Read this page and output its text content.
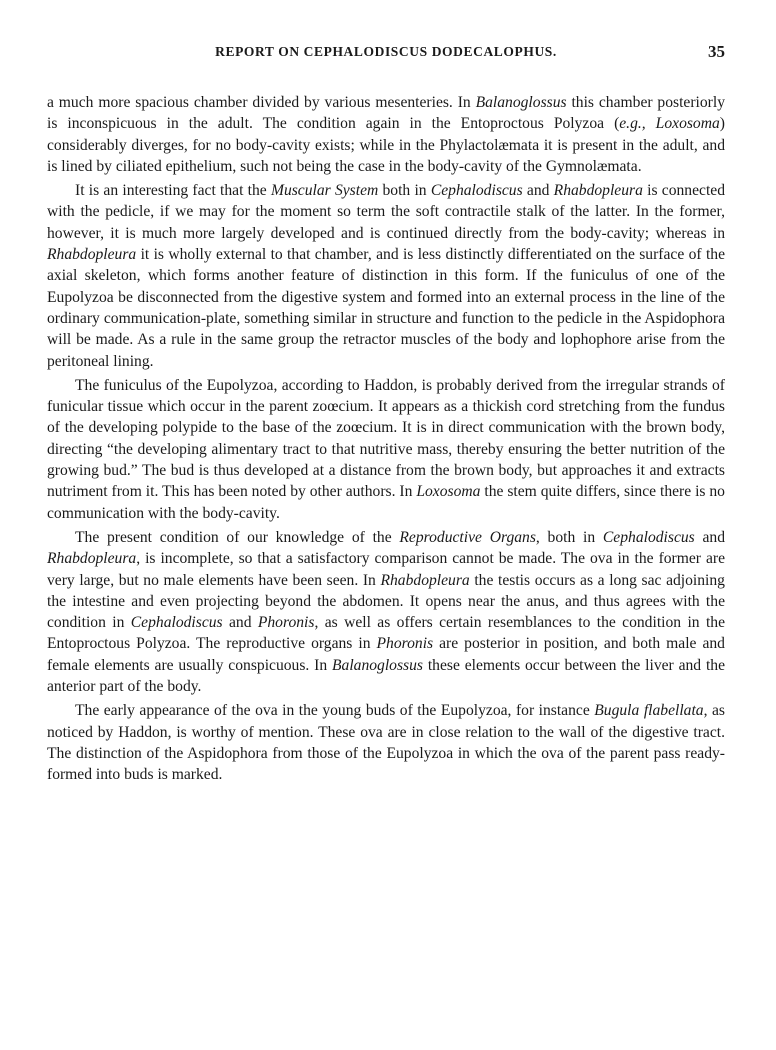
REPORT ON CEPHALODISCUS DODECALOPHUS.	35

a much more spacious chamber divided by various mesenteries. In Balanoglossus this chamber posteriorly is inconspicuous in the adult. The condition again in the Entoproctous Polyzoa (e.g., Loxosoma) considerably diverges, for no body-cavity exists; while in the Phylactolæmata it is present in the adult, and is lined by ciliated epithelium, such not being the case in the body-cavity of the Gymnolæmata.

It is an interesting fact that the Muscular System both in Cephalodiscus and Rhabdopleura is connected with the pedicle, if we may for the moment so term the soft contractile stalk of the latter. In the former, however, it is much more largely developed and is continued directly from the body-cavity; whereas in Rhabdopleura it is wholly external to that chamber, and is less distinctly differentiated on the surface of the axial skeleton, which forms another feature of distinction in this form. If the funiculus of one of the Eupolyzoa be disconnected from the digestive system and formed into an external process in the line of the ordinary communication-plate, something similar in structure and function to the pedicle in the Aspidophora will be made. As a rule in the same group the retractor muscles of the body and lophophore arise from the peritoneal lining.

The funiculus of the Eupolyzoa, according to Haddon, is probably derived from the irregular strands of funicular tissue which occur in the parent zoœcium. It appears as a thickish cord stretching from the fundus of the developing polypide to the base of the zoœcium. It is in direct communication with the brown body, directing “the developing alimentary tract to that nutritive mass, thereby ensuring the better nutrition of the growing bud.” The bud is thus developed at a distance from the brown body, but approaches it and extracts nutriment from it. This has been noted by other authors. In Loxosoma the stem quite differs, since there is no communication with the body-cavity.

The present condition of our knowledge of the Reproductive Organs, both in Cephalodiscus and Rhabdopleura, is incomplete, so that a satisfactory comparison cannot be made. The ova in the former are very large, but no male elements have been seen. In Rhabdopleura the testis occurs as a long sac adjoining the intestine and even projecting beyond the abdomen. It opens near the anus, and thus agrees with the condition in Cephalodiscus and Phoronis, as well as offers certain resemblances to the condition in the Entoproctous Polyzoa. The reproductive organs in Phoronis are posterior in position, and both male and female elements are usually conspicuous. In Balanoglossus these elements occur between the liver and the anterior part of the body.

The early appearance of the ova in the young buds of the Eupolyzoa, for instance Bugula flabellata, as noticed by Haddon, is worthy of mention. These ova are in close relation to the wall of the digestive tract. The distinction of the Aspidophora from those of the Eupolyzoa in which the ova of the parent pass ready-formed into buds is marked.
